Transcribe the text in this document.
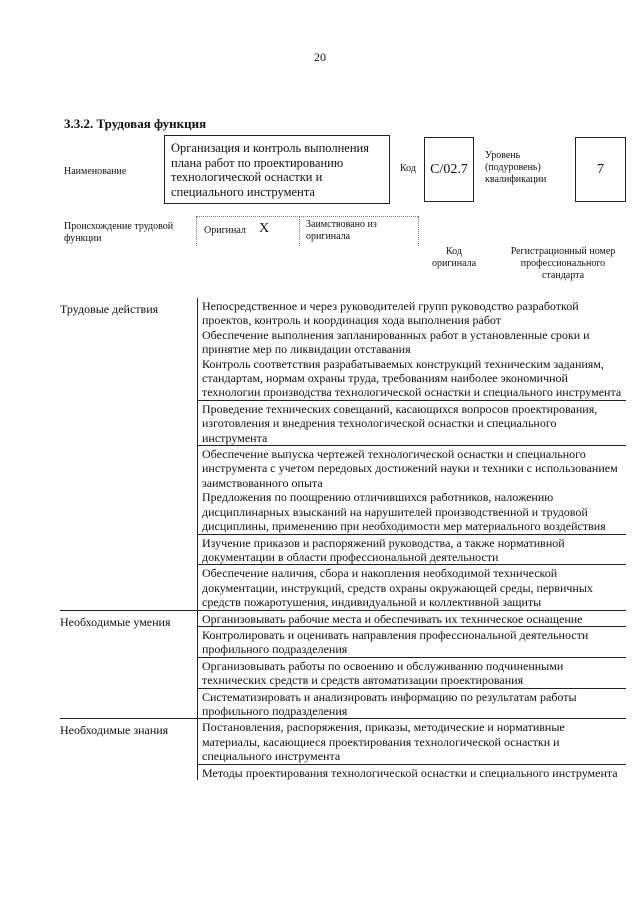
20
3.3.2. Трудовая функция
Наименование
Организация и контроль выполнения плана работ по проектированию технологической оснастки и специального инструмента
Код	С/02.7
Уровень (подуровень) квалификации
7
Происхождение трудовой функции
Оригинал X	Заимствовано из оригинала
Код оригинала
Регистрационный номер профессионального стандарта
Трудовые действия	Непосредственное и через руководителей групп руководство разработкой проектов, контроль и координация хода выполнения работ
Обеспечение выполнения запланированных работ в установленные сроки и принятие мер по ликвидации отставания
Контроль соответствия разрабатываемых конструкций техническим заданиям, стандартам, нормам охраны труда, требованиям наиболее экономичной технологии производства технологической оснастки и специального инструмента
Проведение технических совещаний, касающихся вопросов проектирования, изготовления и внедрения технологической оснастки и специального инструмента
Обеспечение выпуска чертежей технологической оснастки и специального инструмента с учетом передовых достижений науки и техники с использованием заимствованного опыта
Предложения по поощрению отличившихся работников, наложению дисциплинарных взысканий на нарушителей производственной и трудовой дисциплины, применению при необходимости мер материального воздействия
Изучение приказов и распоряжений руководства, а также нормативной документации в области профессиональной деятельности
Обеспечение наличия, сбора и накопления необходимой технической документации, инструкций, средств охраны окружающей среды, первичных средств пожаротушения, индивидуальной и коллективной защиты
Необходимые умения	Организовывать рабочие места и обеспечивать их техническое оснащение
Контролировать и оценивать направления профессиональной деятельности профильного подразделения
Организовывать работы по освоению и обслуживанию подчиненными технических средств и средств автоматизации проектирования
Систематизировать и анализировать информацию по результатам работы профильного подразделения
Необходимые знания	Постановления, распоряжения, приказы, методические и нормативные материалы, касающиеся проектирования технологической оснастки и специального инструмента
Методы проектирования технологической оснастки и специального инструмента
